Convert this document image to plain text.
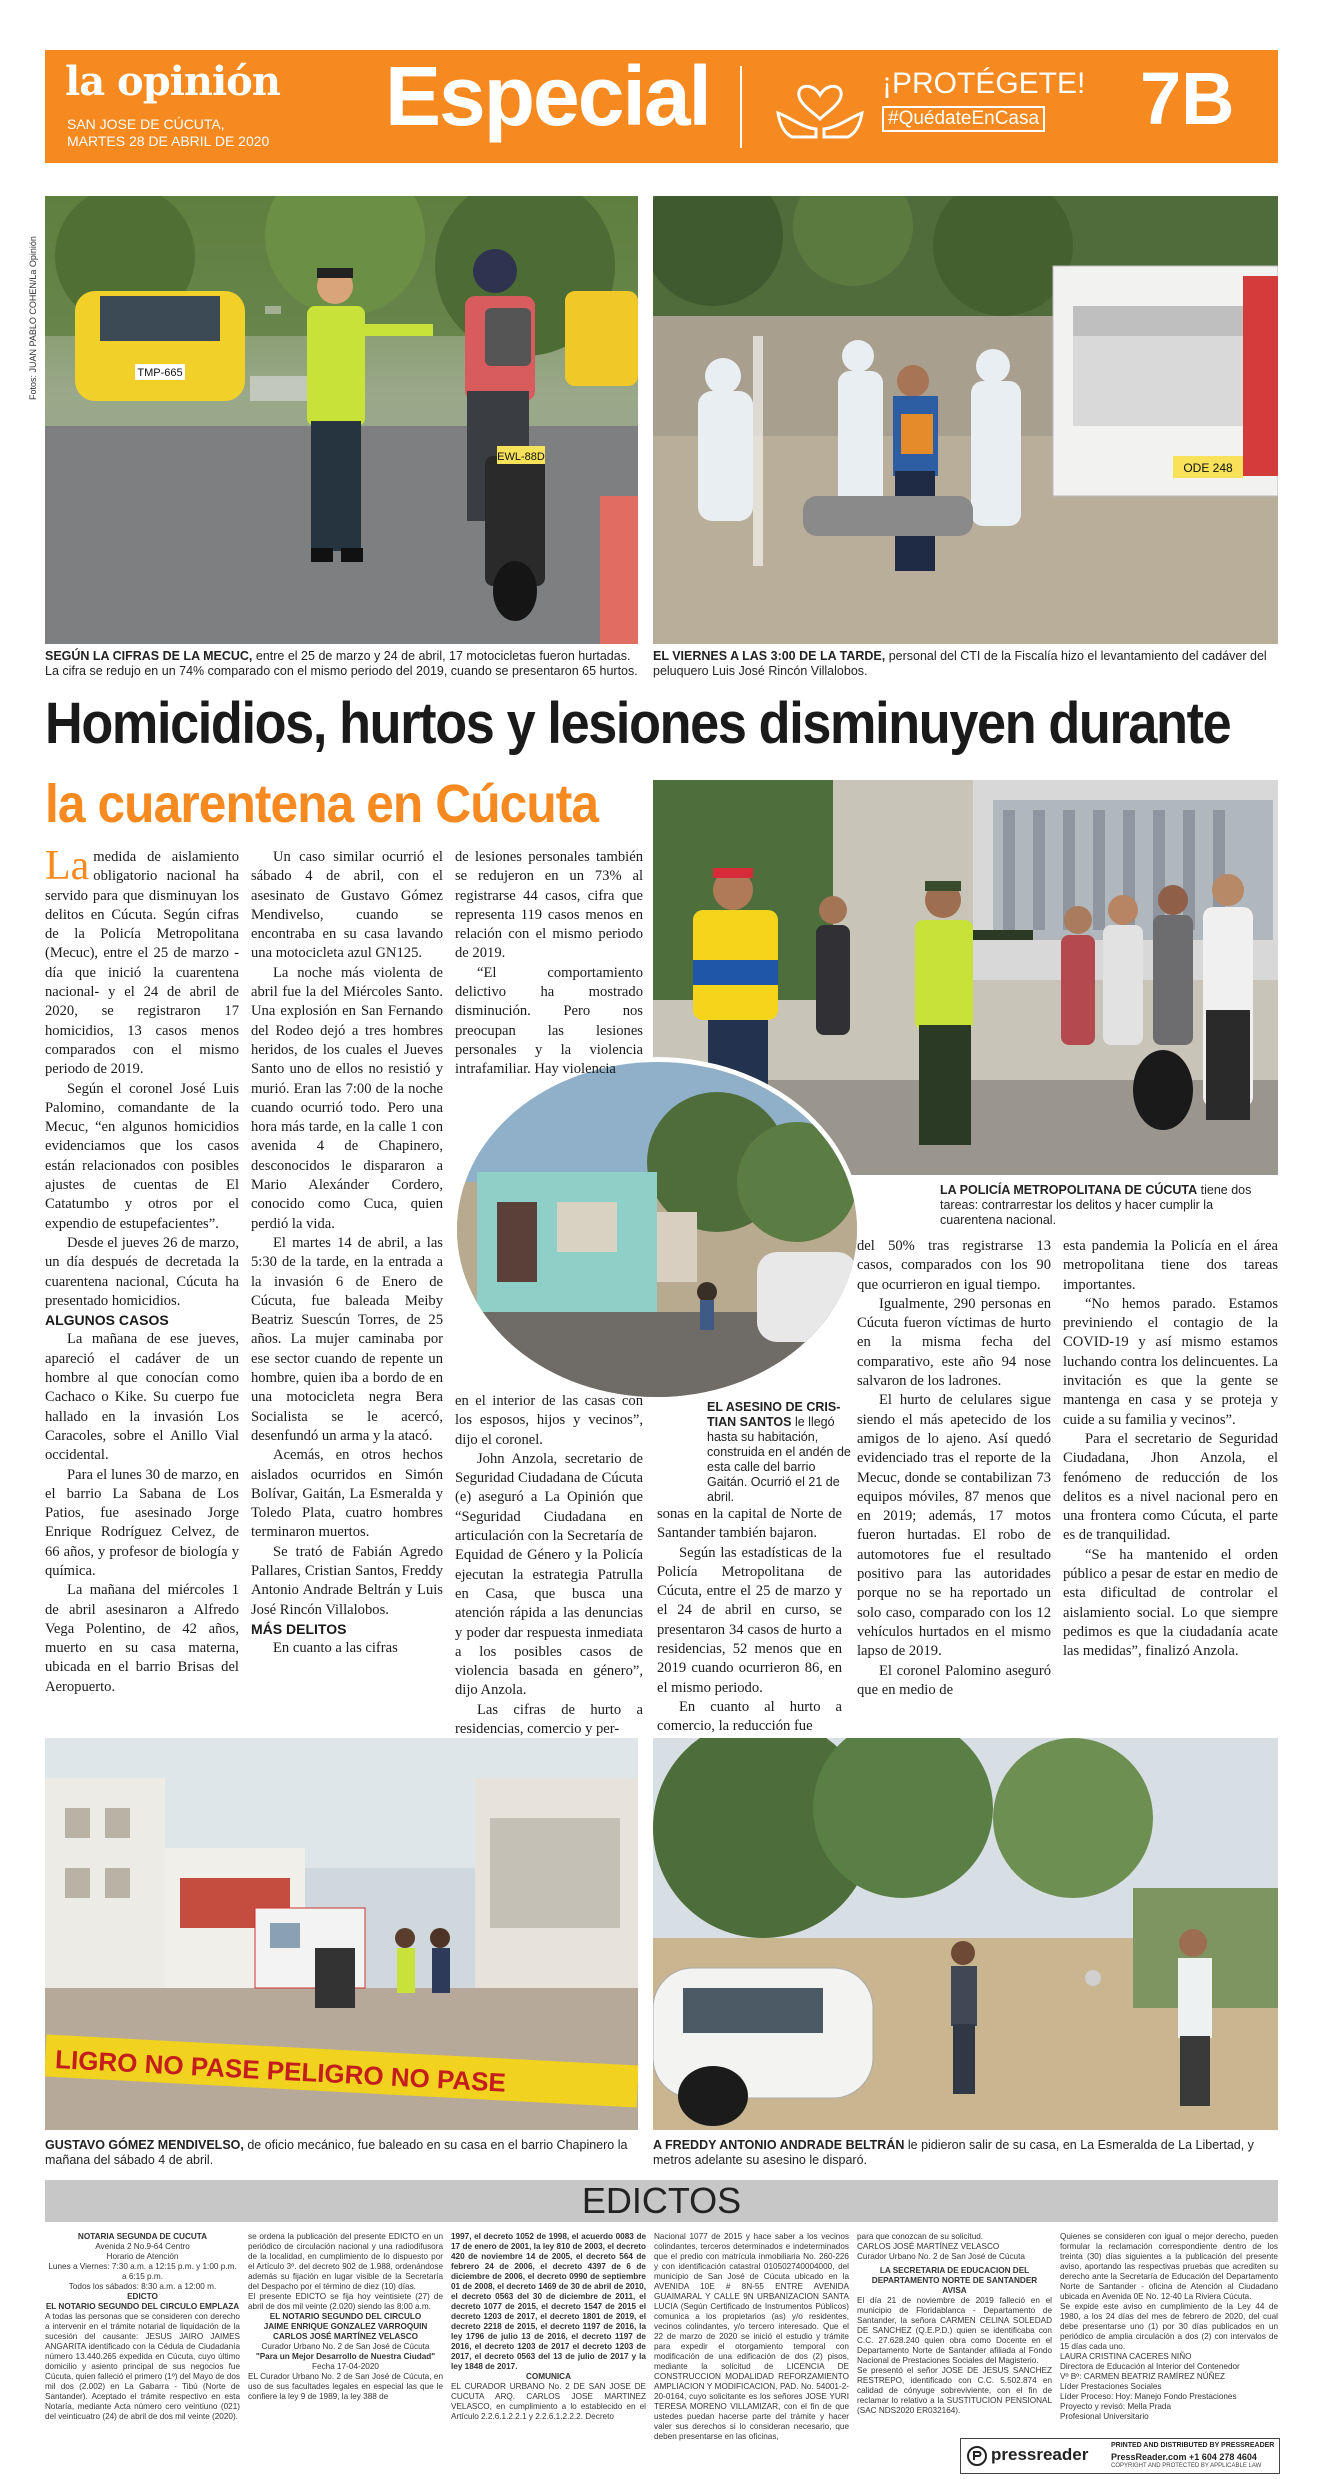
la opinión
SAN JOSE DE CÚCUTA,
MARTES 28 DE ABRIL DE 2020 Especial	¡PROTÉGETE!
#QuédateEnCasa 7B
Fotos: JUAN PABLO COHEN/La Opinión	TMP-665
EWL-88D
SEGÚN LA CIFRAS DE LA MECUC, entre el 25 de marzo y 24 de abril, 17 motocicletas fueron hurtadas. La cifra se redujo en un 74% comparado con el mismo periodo del 2019, cuando se presentaron 65 hurtos.
ODE 248
EL VIERNES A LAS 3:00 DE LA TARDE, personal del CTI de la Fiscalía hizo el levantamiento del cadáver del peluquero Luis José Rincón Villalobos.
Homicidios, hurtos y lesiones disminuyen durante
la cuarentena en Cúcuta
LA POLICÍA METROPOLITANA DE CÚCUTA tiene dos tareas: contrarrestar los delitos y hacer cumplir la cuarentena nacional.
EL ASESINO DE CRIS-TIAN SANTOS le llegó hasta su habitación, construida en el andén de esta calle del barrio Gaitán. Ocurrió el 21 de abril.

La medida de aislamiento obligatorio nacional ha servido para que disminuyan los delitos en Cúcuta. Según cifras de la Policía Metropolitana (Mecuc), entre el 25 de marzo -día que inició la cuarentena nacional- y el 24 de abril de 2020, se registraron 17 homicidios, 13 casos menos comparados con el mismo periodo de 2019.

Según el coronel José Luis Palomino, comandante de la Mecuc, “en algunos homicidios evidenciamos que los casos están relacionados con posibles ajustes de cuentas de El Catatumbo y otros por el expendio de estupefacientes”.

Desde el jueves 26 de marzo, un día después de decretada la cuarentena nacional, Cúcuta ha presentado homicidios.

ALGUNOS CASOS

La mañana de ese jueves, apareció el cadáver de un hombre al que conocían como Cachaco o Kike. Su cuerpo fue hallado en la invasión Los Caracoles, sobre el Anillo Vial occidental.

Para el lunes 30 de marzo, en el barrio La Sabana de Los Patios, fue asesinado Jorge Enrique Rodríguez Celvez, de 66 años, y profesor de biología y química.

La mañana del miércoles 1 de abril asesinaron a Alfredo Vega Polentino, de 42 años, muerto en su casa materna, ubicada en el barrio Brisas del Aeropuerto.

Un caso similar ocurrió el sábado 4 de abril, con el asesinato de Gustavo Gómez Mendivelso, cuando se encontraba en su casa lavando una motocicleta azul GN125.

La noche más violenta de abril fue la del Miércoles Santo. Una explosión en San Fernando del Rodeo dejó a tres hombres heridos, de los cuales el Jueves Santo uno de ellos no resistió y murió. Eran las 7:00 de la noche cuando ocurrió todo. Pero una hora más tarde, en la calle 1 con avenida 4 de Chapinero, desconocidos le dispararon a Mario Alexánder Cordero, conocido como Cuca, quien perdió la vida.

El martes 14 de abril, a las 5:30 de la tarde, en la entrada a la invasión 6 de Enero de Cúcuta, fue baleada Meiby Beatriz Suescún Torres, de 25 años. La mujer caminaba por ese sector cuando de repente un hombre, quien iba a bordo de en una motocicleta negra Bera Socialista se le acercó, desenfundó un arma y la atacó.

Acemás, en otros hechos aislados ocurridos en Simón Bolívar, Gaitán, La Esmeralda y Toledo Plata, cuatro hombres terminaron muertos.

Se trató de Fabián Agredo Pallares, Cristian Santos, Freddy Antonio Andrade Beltrán y Luis José Rincón Villalobos.

MÁS DELITOS

En cuanto a las cifras

de lesiones personales también se redujeron en un 73% al registrarse 44 casos, cifra que representa 119 casos menos en relación con el mismo periodo de 2019.

“El comportamiento delictivo ha mostrado disminución. Pero nos preocupan las lesiones personales y la violencia intrafamiliar. Hay violencia

en el interior de las casas con los esposos, hijos y vecinos”, dijo el coronel.

John Anzola, secretario de Seguridad Ciudadana de Cúcuta (e) aseguró a La Opinión que “Seguridad Ciudadana en articulación con la Secretaría de Equidad de Género y la Policía ejecutan la estrategia Patrulla en Casa, que busca una atención rápida a las denuncias y poder dar respuesta inmediata a los posibles casos de violencia basada en género”, dijo Anzola.

Las cifras de hurto a residencias, comercio y per-

sonas en la capital de Norte de Santander también bajaron.

Según las estadísticas de la Policía Metropolitana de Cúcuta, entre el 25 de marzo y el 24 de abril en curso, se presentaron 34 casos de hurto a residencias, 52 menos que en 2019 cuando ocurrieron 86, en el mismo periodo.

En cuanto al hurto a comercio, la reducción fue

del 50% tras registrarse 13 casos, comparados con los 90 que ocurrieron en igual tiempo.

Igualmente, 290 personas en Cúcuta fueron víctimas de hurto en la misma fecha del comparativo, este año 94 nose salvaron de los ladrones.

El hurto de celulares sigue siendo el más apetecido de los amigos de lo ajeno. Así quedó evidenciado tras el reporte de la Mecuc, donde se contabilizan 73 equipos móviles, 87 menos que en 2019; además, 17 motos fueron hurtadas. El robo de automotores fue el resultado positivo para las autoridades porque no se ha reportado un solo caso, comparado con los 12 vehículos hurtados en el mismo lapso de 2019.

El coronel Palomino aseguró que en medio de

esta pandemia la Policía en el área metropolitana tiene dos tareas importantes.

“No hemos parado. Estamos previniendo el contagio de la COVID-19 y así mismo estamos luchando contra los delincuentes. La invitación es que la gente se mantenga en casa y se proteja y cuide a su familia y vecinos”.

Para el secretario de Seguridad Ciudadana, Jhon Anzola, el fenómeno de reducción de los delitos es a nivel nacional pero en una frontera como Cúcuta, el parte es de tranquilidad.

“Se ha mantenido el orden público a pesar de estar en medio de esta dificultad de controlar el aislamiento social. Lo que siempre pedimos es que la ciudadanía acate las medidas”, finalizó Anzola.

LIGRO NO PASE PELIGRO NO PASE
GUSTAVO GÓMEZ MENDIVELSO, de oficio mecánico, fue baleado en su casa en el barrio Chapinero la mañana del sábado 4 de abril.
A FREDDY ANTONIO ANDRADE BELTRÁN le pidieron salir de su casa, en La Esmeralda de La Libertad, y metros adelante su asesino le disparó.
EDICTOS
NOTARIA SEGUNDA DE CUCUTA
Avenida 2 No.9-64 Centro
Horario de Atención
Lunes a Viernes: 7:30 a.m. a 12:15 p.m. y 1:00 p.m. a 6:15 p.m.
Todos los sábados: 8:30 a.m. a 12:00 m.
EDICTO
EL NOTARIO SEGUNDO DEL CIRCULO EMPLAZA
A todas las personas que se consideren con derecho a intervenir en el trámite notarial de liquidación de la sucesión del causante: JESUS JAIRO JAIMES ANGARITA identificado con la Cédula de Ciudadanía número 13.440.265 expedida en Cúcuta, cuyo último domicilio y asiento principal de sus negocios fue Cúcuta, quien falleció el primero (1º) del Mayo de dos mil dos (2.002) en La Gabarra - Tibú (Norte de Santander). Aceptado el trámite respectivo en esta Notaría, mediante Acta número cero veintiuno (021) del veinticuatro (24) de abril de dos mil veinte (2020).
se ordena la publicación del presente EDICTO en un periódico de circulación nacional y una radiodifusora de la localidad, en cumplimiento de lo dispuesto por el Artículo 3º. del decreto 902 de 1.988, ordenándose además su fijación en lugar visible de la Secretaría del Despacho por el término de diez (10) días.
El presente EDICTO se fija hoy veintisiete (27) de abril de dos mil veinte (2.020) siendo las 8:00 a.m.
EL NOTARIO SEGUNDO DEL CIRCULO
JAIME ENRIQUE GONZALEZ VARROQUIN
CARLOS JOSÉ MARTÍNEZ VELASCO
Curador Urbano No. 2 de San José de Cúcuta
"Para un Mejor Desarrollo de Nuestra Ciudad"
Fecha 17-04-2020
EL Curador Urbano No. 2 de San José de Cúcuta, en uso de sus facultades legales en especial las que le confiere la ley 9 de 1989, la ley 388 de
1997, el decreto 1052 de 1998, el acuerdo 0083 de 17 de enero de 2001, la ley 810 de 2003, el decreto 420 de noviembre 14 de 2005, el decreto 564 de febrero 24 de 2006, el decreto 4397 de 6 de diciembre de 2006, el decreto 0990 de septiembre 01 de 2008, el decreto 1469 de 30 de abril de 2010, el decreto 0563 del 30 de diciembre de 2011, el decreto 1077 de 2015, el decreto 1547 de 2015 el decreto 1203 de 2017, el decreto 1801 de 2019, el decreto 2218 de 2015, el decreto 1197 de 2016, la ley 1796 de julio 13 de 2016, el decreto 1197 de 2016, el decreto 1203 de 2017 el decreto 1203 de 2017, el decreto 0563 del 13 de julio de 2017 y la ley 1848 de 2017.
COMUNICA
EL CURADOR URBANO No. 2 DE SAN JOSE DE CUCUTA ARQ. CARLOS JOSE MARTINEZ VELASCO, en cumplimiento a lo establecido en el Artículo 2.2.6.1.2.2.1 y 2.2.6.1.2.2.2. Decreto
Nacional 1077 de 2015 y hace saber a los vecinos colindantes, terceros determinados e indeterminados que el predio con matrícula inmobiliaria No. 260-226 y con identificación catastral 010502740004000, del municipio de San José de Cúcuta ubicado en la AVENIDA 10E # 8N-55 ENTRE AVENIDA GUAIMARAL Y CALLE 9N URBANIZACION SANTA LUCIA (Según Certificado de Instrumentos Públicos) comunica a los propietarios (as) y/o residentes, vecinos colindantes, y/o tercero interesado. Que el 22 de marzo de 2020 se inició el estudio y trámite para expedir el otorgamiento temporal con modificación de una edificación de dos (2) pisos, mediante la solicitud de LICENCIA DE CONSTRUCCION MODALIDAD REFORZAMIENTO AMPLIACION Y MODIFICACION, PAD. No. 54001-2-20-0164, cuyo solicitante es los señores JOSE YURI TERESA MORENO VILLAMIZAR, con el fin de que ustedes puedan hacerse parte del trámite y hacer valer sus derechos si lo consideran necesario, que deben presentarse en las oficinas,
para que conozcan de su solicitud.
CARLOS JOSÉ MARTÍNEZ VELASCO
Curador Urbano No. 2 de San José de Cúcuta
LA SECRETARIA DE EDUCACION DEL DEPARTAMENTO NORTE DE SANTANDER
AVISA
El día 21 de noviembre de 2019 falleció en el municipio de Floridablanca - Departamento de Santander, la señora CARMEN CELINA SOLEDAD DE SANCHEZ (Q.E.P.D.) quien se identificaba con C.C. 27.628.240 quien obra como Docente en el Departamento Norte de Santander afiliada al Fondo Nacional de Prestaciones Sociales del Magisterio.
Se presentó el señor JOSE DE JESUS SANCHEZ RESTREPO, identificado con C.C. 5.502.874 en calidad de cónyuge sobreviviente, con el fin de reclamar lo relativo a la SUSTITUCION PENSIONAL (SAC NDS2020 ER032164).
Quienes se consideren con igual o mejor derecho, pueden formular la reclamación correspondiente dentro de los treinta (30) días siguientes a la publicación del presente aviso, aportando las respectivas pruebas que acrediten su derecho ante la Secretaría de Educación del Departamento Norte de Santander - oficina de Atención al Ciudadano ubicada en Avenida 0E No. 12-40 La Riviera Cúcuta.
Se expide este aviso en cumplimiento de la Ley 44 de 1980, a los 24 días del mes de febrero de 2020, del cual debe presentarse uno (1) por 30 días publicados en un periódico de amplia circulación a dos (2) con intervalos de 15 días cada uno.
LAURA CRISTINA CACERES NIÑO
Directora de Educación al Interior del Contenedor
Vº Bº: CARMEN BEATRIZ RAMÍREZ NÚÑEZ
Líder Prestaciones Sociales
Líder Proceso: Hoy: Manejo Fondo Prestaciones
Proyecto y revisó: Mella Prada
Profesional Universitario
pressreader	PRINTED AND DISTRIBUTED BY PRESSREADER
PressReader.com +1 604 278 4604
COPYRIGHT AND PROTECTED BY APPLICABLE LAW
